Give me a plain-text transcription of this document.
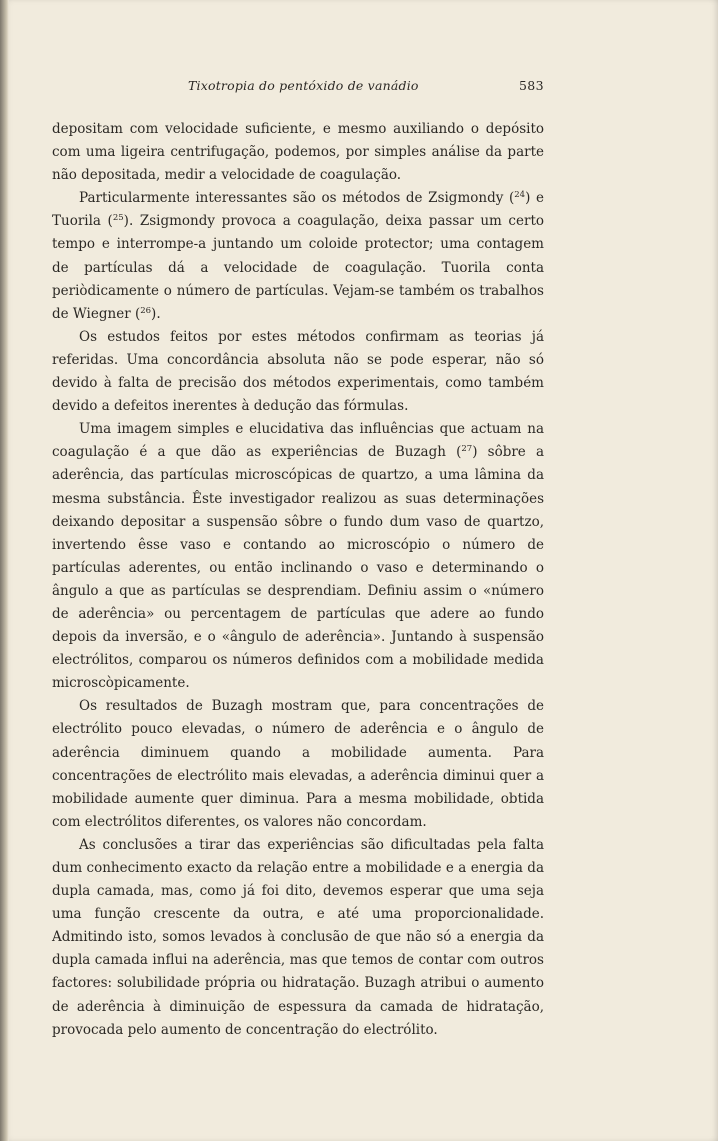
Tixotropia do pentóxido de vanádio	583

depositam com velocidade suficiente, e mesmo auxiliando o depósito com uma ligeira centrifugação, podemos, por simples análise da parte não depositada, medir a velocidade de coagulação.

Particularmente interessantes são os métodos de Zsigmondy ($^{24}$) e Tuorila ($^{25}$). Zsigmondy provoca a coagulação, deixa passar um certo tempo e interrompe-a juntando um coloide protector; uma contagem de partículas dá a velocidade de coagulação. Tuorila conta periòdicamente o número de partículas. Vejam-se também os trabalhos de Wiegner ($^{26}$).

Os estudos feitos por estes métodos confirmam as teorias já referidas. Uma concordância absoluta não se pode esperar, não só devido à falta de precisão dos métodos experimentais, como também devido a defeitos inerentes à dedução das fórmulas.

Uma imagem simples e elucidativa das influências que actuam na coagulação é a que dão as experiências de Buzagh ($^{27}$) sôbre a aderência, das partículas microscópicas de quartzo, a uma lâmina da mesma substância. Êste investigador realizou as suas determinações deixando depositar a suspensão sôbre o fundo dum vaso de quartzo, invertendo êsse vaso e contando ao microscópio o número de partículas aderentes, ou então inclinando o vaso e determinando o ângulo a que as partículas se desprendiam. Definiu assim o «número de aderência» ou percentagem de partículas que adere ao fundo depois da inversão, e o «ângulo de aderência». Juntando à suspensão electrólitos, comparou os números definidos com a mobilidade medida microscòpicamente.

Os resultados de Buzagh mostram que, para concentrações de electrólito pouco elevadas, o número de aderência e o ângulo de aderência diminuem quando a mobilidade aumenta. Para concentrações de electrólito mais elevadas, a aderência diminui quer a mobilidade aumente quer diminua. Para a mesma mobilidade, obtida com electrólitos diferentes, os valores não concordam.

As conclusões a tirar das experiências são dificultadas pela falta dum conhecimento exacto da relação entre a mobilidade e a energia da dupla camada, mas, como já foi dito, devemos esperar que uma seja uma função crescente da outra, e até uma proporcionalidade. Admitindo isto, somos levados à conclusão de que não só a energia da dupla camada influi na aderência, mas que temos de contar com outros factores: solubilidade própria ou hidratação. Buzagh atribui o aumento de aderência à diminuição de espessura da camada de hidratação, provocada pelo aumento de concentração do electrólito.
